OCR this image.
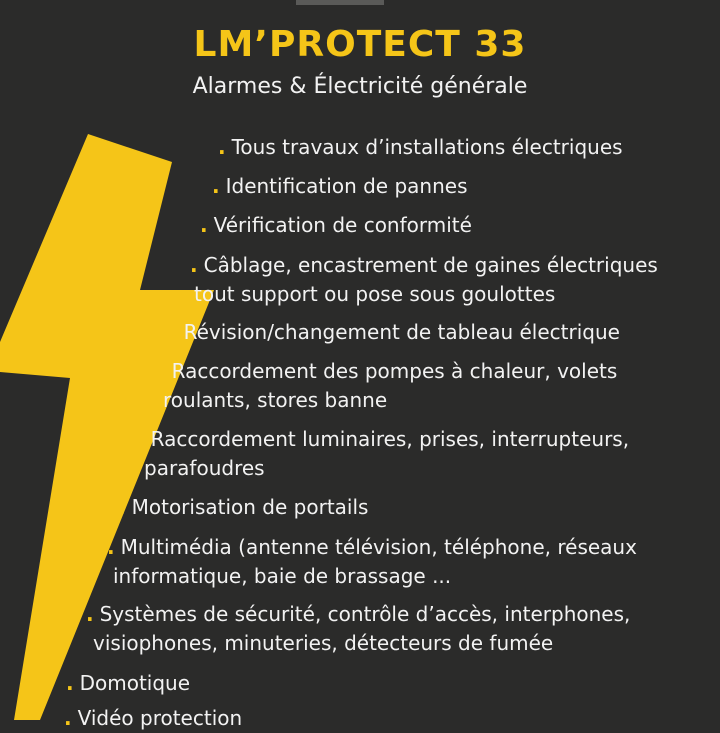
LM’PROTECT 33
Alarmes & Électricité générale
. Tous travaux d’installations électriques
. Identification de pannes
. Vérification de conformité
. Câblage, encastrement de gaines électriques
tout support ou pose sous goulottes
. Révision/changement de tableau électrique
. Raccordement des pompes à chaleur, volets
roulants, stores banne
. Raccordement luminaires, prises, interrupteurs,
parafoudres
. Motorisation de portails
. Multimédia (antenne télévision, téléphone, réseaux
informatique, baie de brassage ...
. Systèmes de sécurité, contrôle d’accès, interphones,
visiophones, minuteries, détecteurs de fumée
. Domotique
. Vidéo protection
